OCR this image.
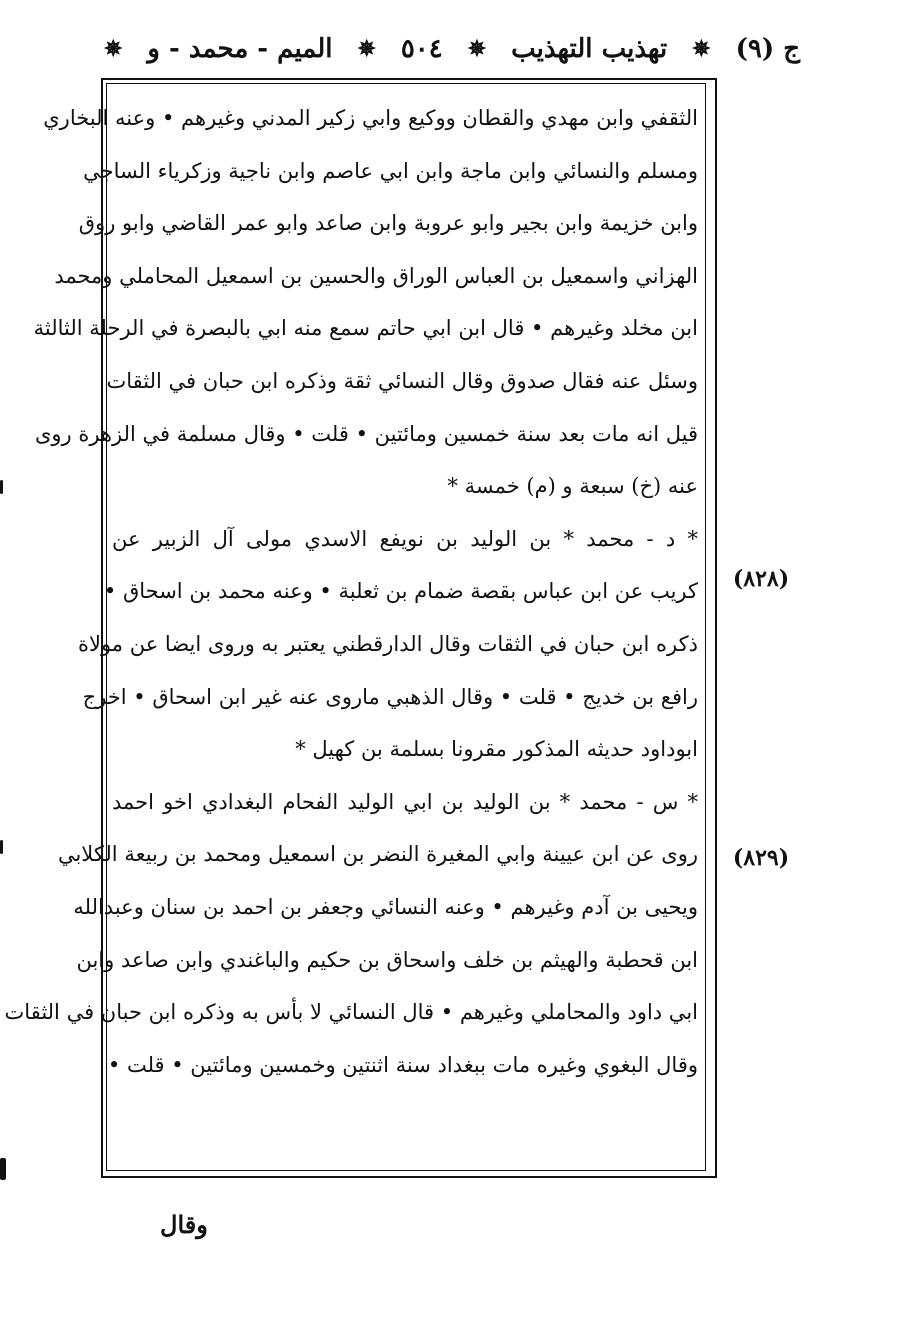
ج (٩)
✵
تهذيب التهذيب
✵
٥٠٤
✵
الميم - محمد - و
✵
الثقفي وابن مهدي والقطان ووكيع وابي زكير المدني وغيرهم • وعنه البخاري
ومسلم والنسائي وابن ماجة وابن ابي عاصم وابن ناجية وزكرياء الساجي
وابن خزيمة وابن بجير وابو عروبة وابن صاعد وابو عمر القاضي وابو روق
الهزاني واسمعيل بن العباس الوراق والحسين بن اسمعيل المحاملي ومحمد
ابن مخلد وغيرهم • قال ابن ابي حاتم سمع منه ابي بالبصرة في الرحلة الثالثة
وسئل عنه فقال صدوق وقال النسائي ثقة وذكره ابن حبان في الثقات
قيل انه مات بعد سنة خمسين ومائتين • قلت • وقال مسلمة في الزهرة روى
عنه (خ) سبعة و (م) خمسة *
* د - محمد * بن الوليد بن نويفع الاسدي مولى آل الزبير عن
كريب عن ابن عباس بقصة ضمام بن ثعلبة • وعنه محمد بن اسحاق •
ذكره ابن حبان في الثقات وقال الدارقطني يعتبر به وروى ايضا عن مولاة
رافع بن خديج • قلت • وقال الذهبي ماروى عنه غير ابن اسحاق • اخرج
ابوداود حديثه المذكور مقرونا بسلمة بن كهيل *
* س - محمد * بن الوليد بن ابي الوليد الفحام البغدادي اخو احمد
روى عن ابن عيينة وابي المغيرة النضر بن اسمعيل ومحمد بن ربيعة الكلابي
ويحيى بن آدم وغيرهم • وعنه النسائي وجعفر بن احمد بن سنان وعبدالله
ابن قحطبة والهيثم بن خلف واسحاق بن حكيم والباغندي وابن صاعد وابن
ابي داود والمحاملي وغيرهم • قال النسائي لا بأس به وذكره ابن حبان في الثقات
وقال البغوي وغيره مات ببغداد سنة اثنتين وخمسين ومائتين • قلت •
(٨٢٨)
(٨٢٩)
وقال
